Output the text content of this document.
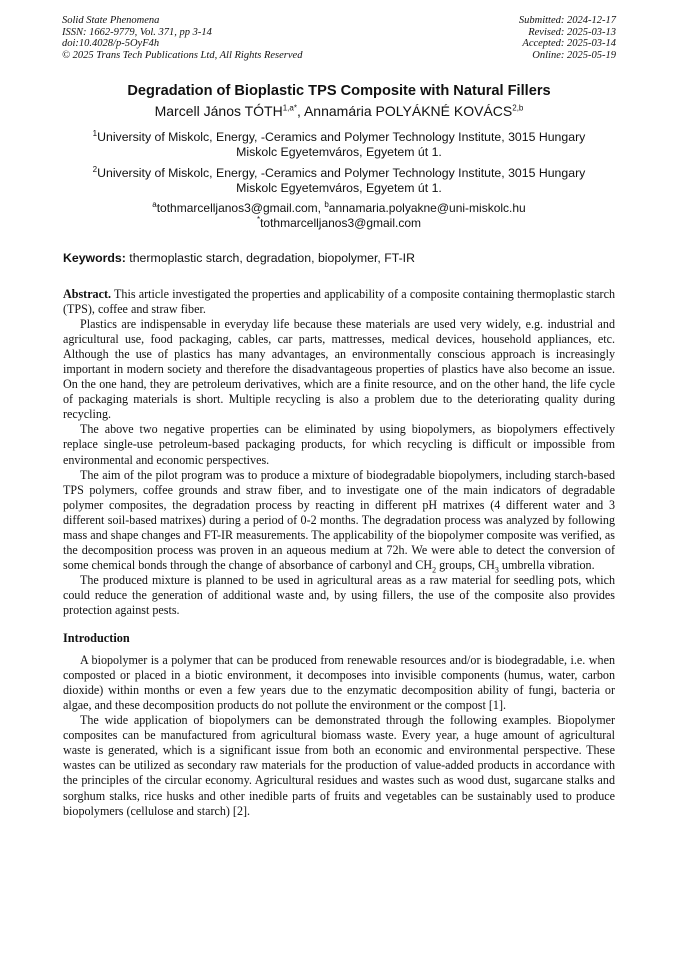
Solid State Phenomena
ISSN: 1662-9779, Vol. 371, pp 3-14
doi:10.4028/p-5OyF4h
© 2025 Trans Tech Publications Ltd, All Rights Reserved
Submitted: 2024-12-17
Revised: 2025-03-13
Accepted: 2025-03-14
Online: 2025-05-19
Degradation of Bioplastic TPS Composite with Natural Fillers
Marcell János $TÓTH^{1,a*}$, Annamária POLYÁKNÉ KOVÁCS$^{2,b}$
$^1$University of Miskolc, Energy, -Ceramics and Polymer Technology Institute, 3015 Hungary
Miskolc Egyetemváros, Egyetem út 1.
$^2$University of Miskolc, Energy, -Ceramics and Polymer Technology Institute, 3015 Hungary
Miskolc Egyetemváros, Egyetem út 1.
$^a$tothmarcelljanos3@gmail.com, $^b$annamaria.polyakne@uni-miskolc.hu
*tothmarcelljanos3@gmail.com
Keywords: thermoplastic starch, degradation, biopolymer, FT-IR

Abstract. This article investigated the properties and applicability of a composite containing thermoplastic starch (TPS), coffee and straw fiber.

Plastics are indispensable in everyday life because these materials are used very widely, e.g. industrial and agricultural use, food packaging, cables, car parts, mattresses, medical devices, household appliances, etc. Although the use of plastics has many advantages, an environmentally conscious approach is increasingly important in modern society and therefore the disadvantageous properties of plastics have also become an issue. On the one hand, they are petroleum derivatives, which are a finite resource, and on the other hand, the life cycle of packaging materials is short. Multiple recycling is also a problem due to the deteriorating quality during recycling.

The above two negative properties can be eliminated by using biopolymers, as biopolymers effectively replace single-use petroleum-based packaging products, for which recycling is difficult or impossible from environmental and economic perspectives.

The aim of the pilot program was to produce a mixture of biodegradable biopolymers, including starch-based TPS polymers, coffee grounds and straw fiber, and to investigate one of the main indicators of degradable polymer composites, the degradation process by reacting in different pH matrixes (4 different water and 3 different soil-based matrixes) during a period of 0-2 months. The degradation process was analyzed by following mass and shape changes and FT-IR measurements. The applicability of the biopolymer composite was verified, as the decomposition process was proven in an aqueous medium at 72h. We were able to detect the conversion of some chemical bonds through the change of absorbance of carbonyl and $CH_2$ groups, $CH_3$ umbrella vibration.

The produced mixture is planned to be used in agricultural areas as a raw material for seedling pots, which could reduce the generation of additional waste and, by using fillers, the use of the composite also provides protection against pests.

Introduction

A biopolymer is a polymer that can be produced from renewable resources and/or is biodegradable, i.e. when composted or placed in a biotic environment, it decomposes into invisible components (humus, water, carbon dioxide) within months or even a few years due to the enzymatic decomposition ability of fungi, bacteria or algae, and these decomposition products do not pollute the environment or the compost [1].

The wide application of biopolymers can be demonstrated through the following examples. Biopolymer composites can be manufactured from agricultural biomass waste. Every year, a huge amount of agricultural waste is generated, which is a significant issue from both an economic and environmental perspective. These wastes can be utilized as secondary raw materials for the production of value-added products in accordance with the principles of the circular economy. Agricultural residues and wastes such as wood dust, sugarcane stalks and sorghum stalks, rice husks and other inedible parts of fruits and vegetables can be sustainably used to produce biopolymers (cellulose and starch) [2].
